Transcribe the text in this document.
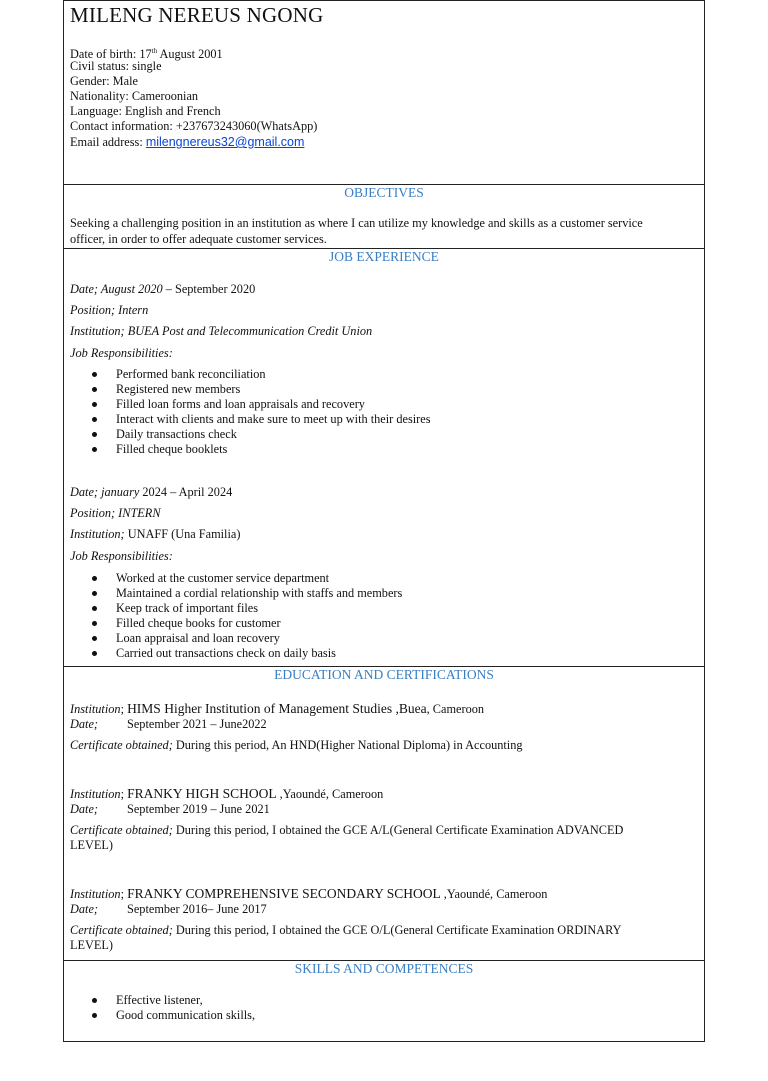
MILENG NEREUS NGONG
Date of birth: 17th August 2001
Civil status: single
Gender: Male
Nationality: Cameroonian
Language: English and French
Contact information: +237673243060(WhatsApp)
Email address: milengnereus32@gmail.com
OBJECTIVES
Seeking a challenging position in an institution as where I can utilize my knowledge and skills as a customer service
officer, in order to offer adequate customer services.
JOB EXPERIENCE
Date; August 2020 – September 2020
Position; Intern
Institution; BUEA Post and Telecommunication Credit Union
Job Responsibilities:
Performed bank reconciliation
Registered new members
Filled loan forms and loan appraisals and recovery
Interact with clients and make sure to meet up with their desires
Daily transactions check
Filled cheque booklets
Date; january 2024 – April 2024
Position; INTERN
Institution; UNAFF (Una Familia)
Job Responsibilities:
Worked at the customer service department
Maintained a cordial relationship with staffs and members
Keep track of important files
Filled cheque books for customer
Loan appraisal and loan recovery
Carried out transactions check on daily basis
EDUCATION AND CERTIFICATIONS
Institution; HIMS Higher Institution of Management Studies ,Buea, Cameroon
Date; September 2021 – June2022
Certificate obtained; During this period, An HND(Higher National Diploma) in Accounting
Institution; FRANKY HIGH SCHOOL ,Yaoundé, Cameroon
Date; September 2019 – June 2021
Certificate obtained; During this period, I obtained the GCE A/L(General Certificate Examination ADVANCED
LEVEL)
Institution; FRANKY COMPREHENSIVE SECONDARY SCHOOL ,Yaoundé, Cameroon
Date; September 2016– June 2017
Certificate obtained; During this period, I obtained the GCE O/L(General Certificate Examination ORDINARY
LEVEL)
SKILLS AND COMPETENCES
Effective listener,
Good communication skills,
